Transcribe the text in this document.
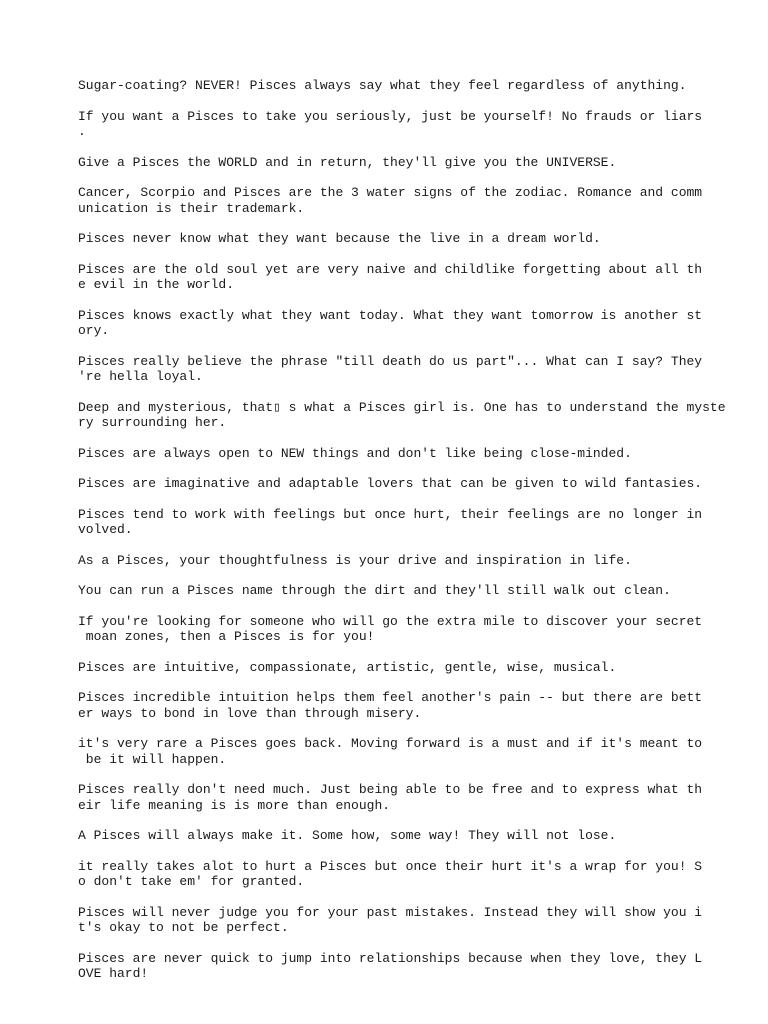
Sugar-coating? NEVER! Pisces always say what they feel regardless of anything.

If you want a Pisces to take you seriously, just be yourself! No frauds or liars
.

Give a Pisces the WORLD and in return, they'll give you the UNIVERSE.

Cancer, Scorpio and Pisces are the 3 water signs of the zodiac. Romance and comm
unication is their trademark.

Pisces never know what they want because the live in a dream world.

Pisces are the old soul yet are very naive and childlike forgetting about all th
e evil in the world.

Pisces knows exactly what they want today. What they want tomorrow is another st
ory.

Pisces really believe the phrase "till death do us part"... What can I say? They
're hella loyal.

Deep and mysterious, that▯ s what a Pisces girl is. One has to understand the myste
ry surrounding her.

Pisces are always open to NEW things and don't like being close-minded.

Pisces are imaginative and adaptable lovers that can be given to wild fantasies.

Pisces tend to work with feelings but once hurt, their feelings are no longer in
volved.

As a Pisces, your thoughtfulness is your drive and inspiration in life.

You can run a Pisces name through the dirt and they'll still walk out clean.

If you're looking for someone who will go the extra mile to discover your secret
moan zones, then a Pisces is for you!

Pisces are intuitive, compassionate, artistic, gentle, wise, musical.

Pisces incredible intuition helps them feel another's pain -- but there are bett
er ways to bond in love than through misery.

it's very rare a Pisces goes back. Moving forward is a must and if it's meant to
be it will happen.

Pisces really don't need much. Just being able to be free and to express what th
eir life meaning is is more than enough.

A Pisces will always make it. Some how, some way! They will not lose.

it really takes alot to hurt a Pisces but once their hurt it's a wrap for you! S
o don't take em' for granted.

Pisces will never judge you for your past mistakes. Instead they will show you i
t's okay to not be perfect.

Pisces are never quick to jump into relationships because when they love, they L
OVE hard!
